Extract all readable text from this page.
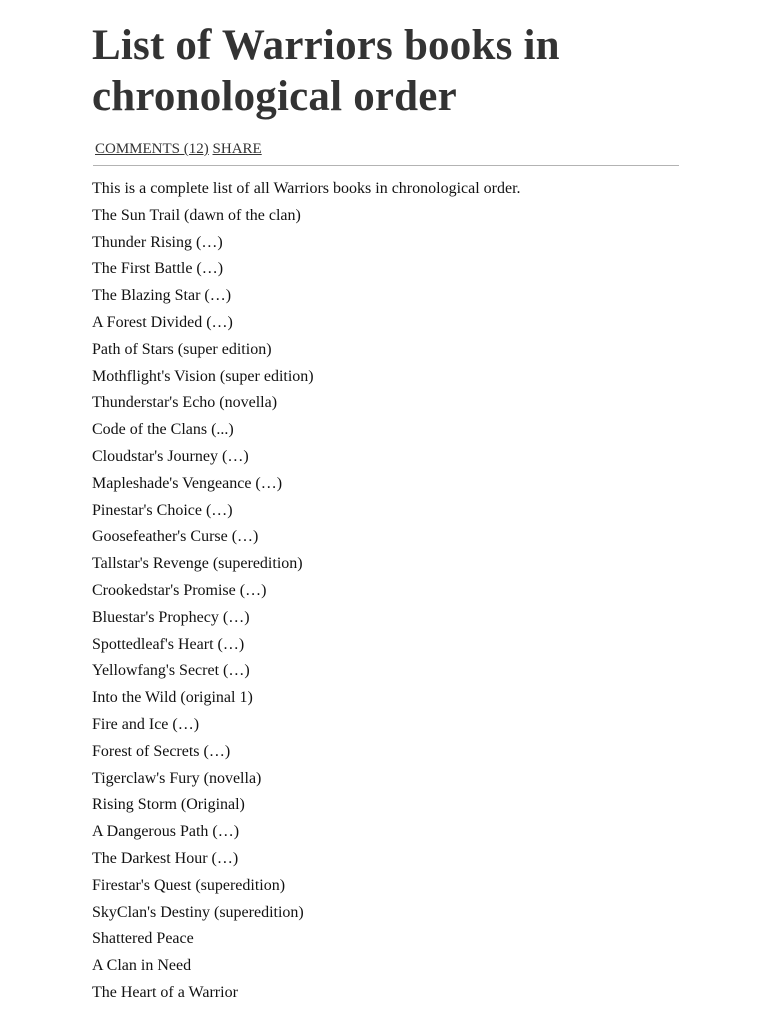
List of Warriors books in chronological order
COMMENTS (12) SHARE
This is a complete list of all Warriors books in chronological order.
The Sun Trail (dawn of the clan)
Thunder Rising (…)
The First Battle (…)
The Blazing Star (…)
A Forest Divided (…)
Path of Stars (super edition)
Mothflight's Vision (super edition)
Thunderstar's Echo (novella)
Code of the Clans (...)
Cloudstar's Journey (…)
Mapleshade's Vengeance (…)
Pinestar's Choice (…)
Goosefeather's Curse (…)
Tallstar's Revenge (superedition)
Crookedstar's Promise (…)
Bluestar's Prophecy (…)
Spottedleaf's Heart (…)
Yellowfang's Secret (…)
Into the Wild (original 1)
Fire and Ice (…)
Forest of Secrets (…)
Tigerclaw's Fury (novella)
Rising Storm (Original)
A Dangerous Path (…)
The Darkest Hour (…)
Firestar's Quest (superedition)
SkyClan's Destiny (superedition)
Shattered Peace
A Clan in Need
The Heart of a Warrior
